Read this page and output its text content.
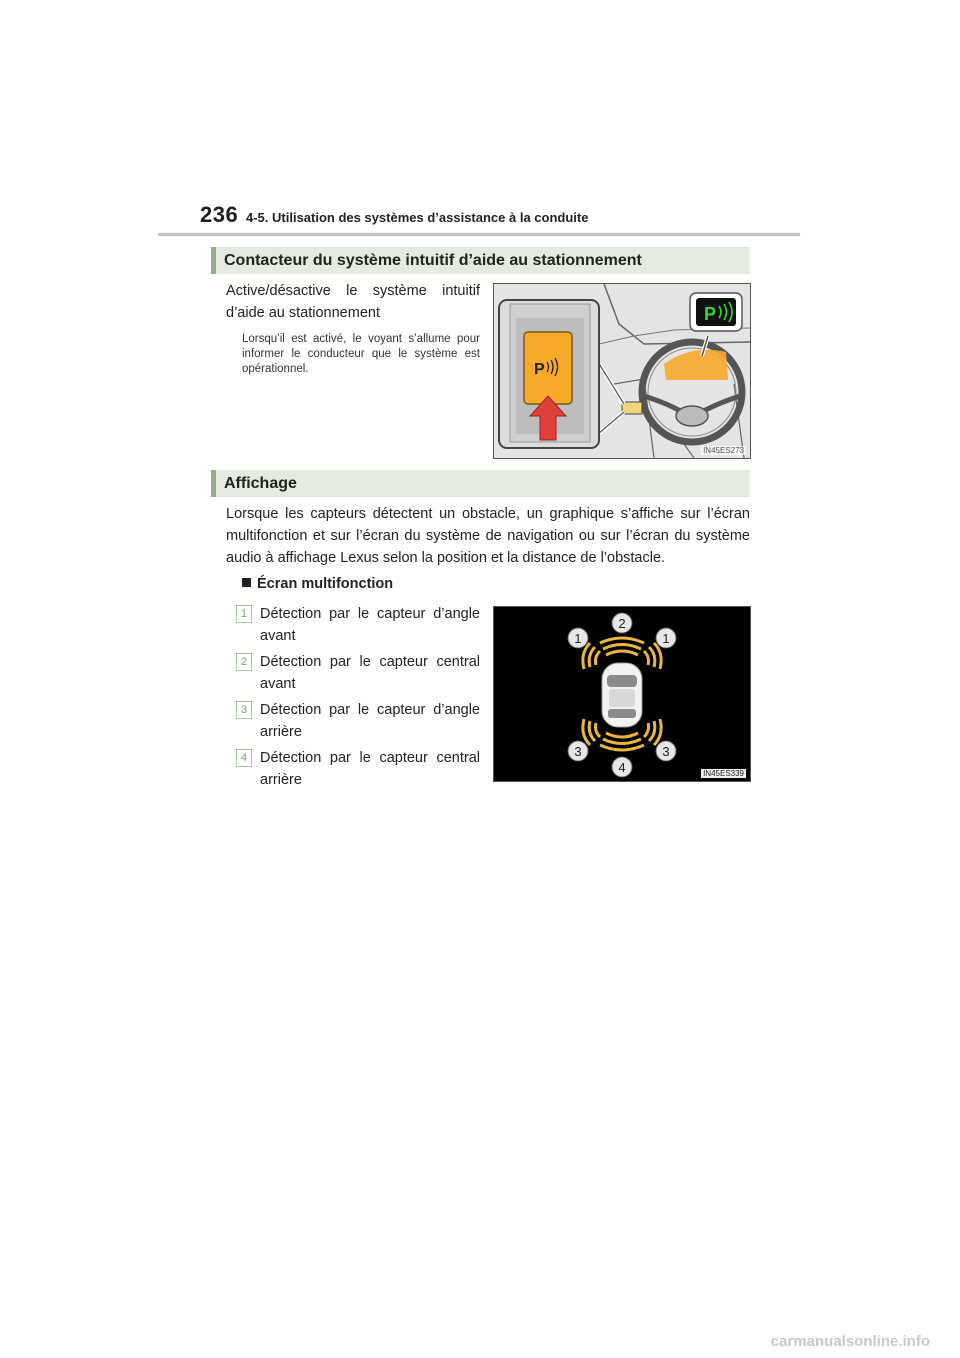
236 4-5. Utilisation des systèmes d’assistance à la conduite
Contacteur du système intuitif d’aide au stationnement
Active/désactive le système intuitif d’aide au stationnement
Lorsqu’il est activé, le voyant s’allume pour informer le conducteur que le système est opérationnel.
P
P
IN45ES273
Affichage
Lorsque les capteurs détectent un obstacle, un graphique s’affiche sur l’écran multifonction et sur l’écran du système de navigation ou sur l’écran du système audio à affichage Lexus selon la position et la distance de l’obstacle.
Écran multifonction
1 Détection par le capteur d’angle avant
2 Détection par le capteur central avant
3 Détection par le capteur d’angle arrière
4 Détection par le capteur central arrière
1
2
1
3
4
3
IN45ES339
carmanualsonline.info
